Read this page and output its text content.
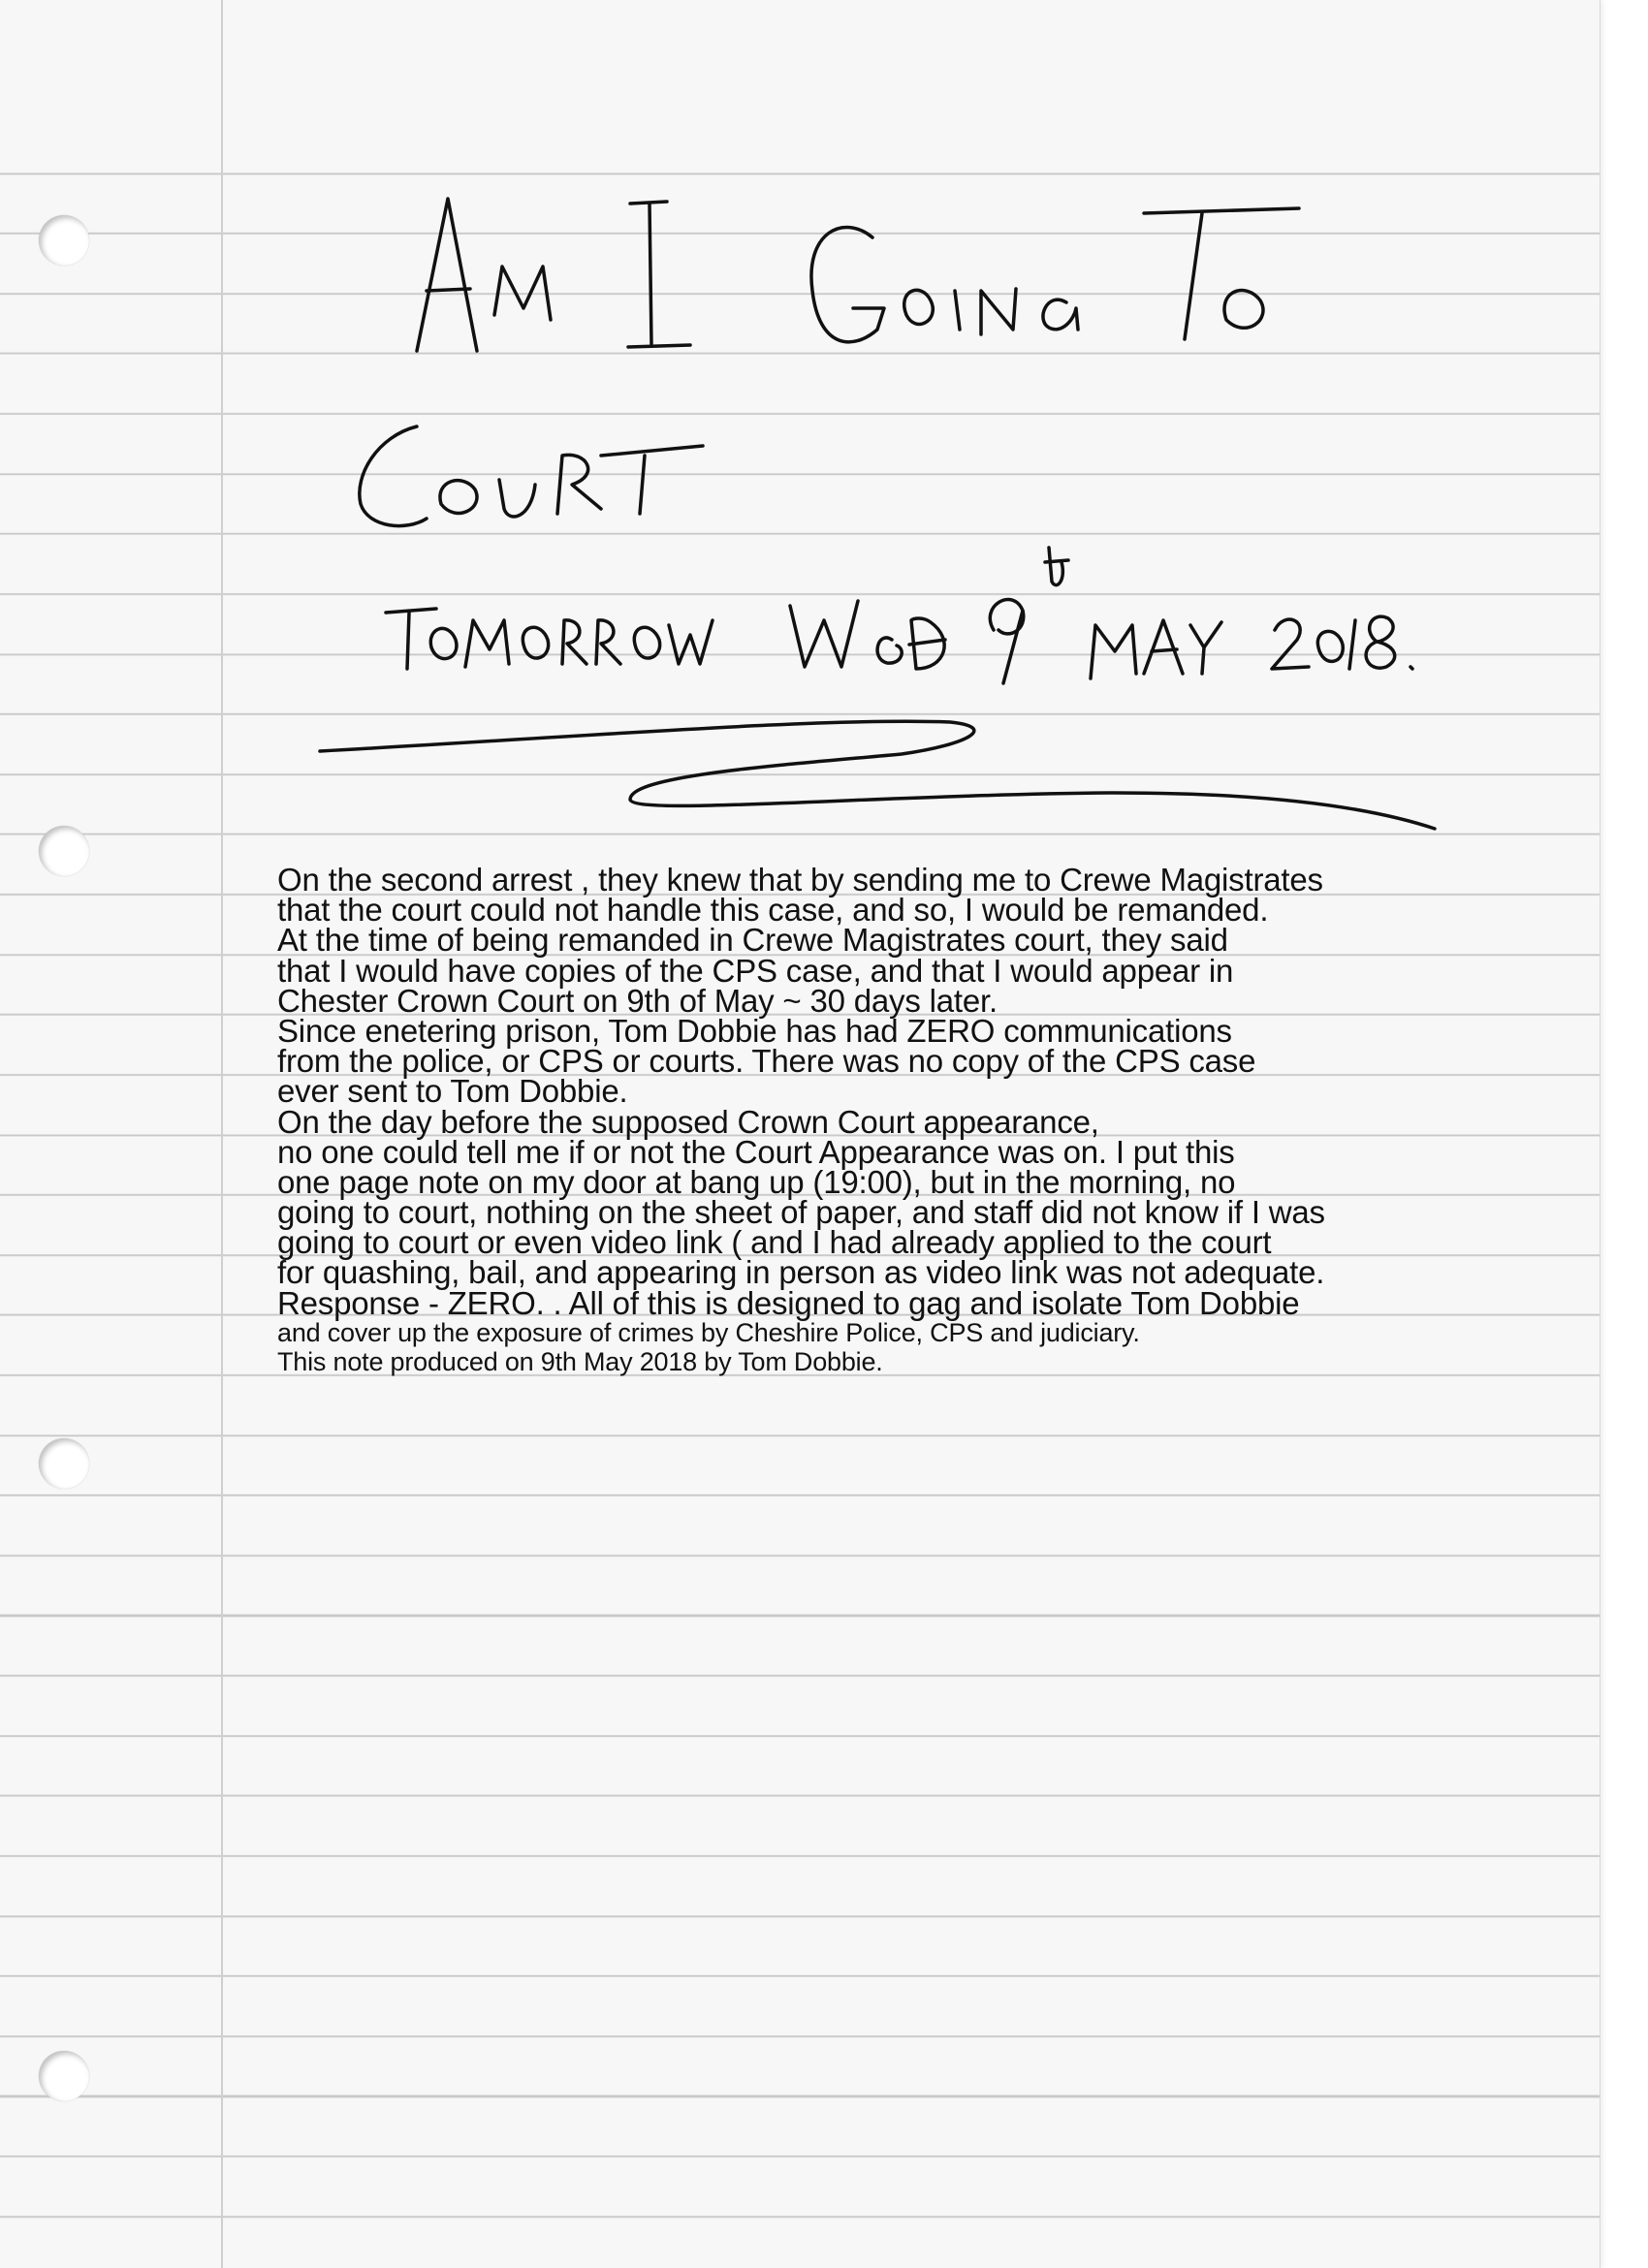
On the second arrest , they knew that by sending me to Crewe Magistrates
that the court could not handle this case, and so, I would be remanded.
At the time of being remanded in Crewe Magistrates court, they said
that I would have copies of the CPS case, and that I would appear in
Chester Crown Court on 9th of May ~ 30 days later.
Since enetering prison, Tom Dobbie has had ZERO communications
from the police, or CPS or courts. There was no copy of the CPS case
ever sent to Tom Dobbie.
On the day before the supposed Crown Court appearance,
no one could tell me if or not the Court Appearance was on. I put this
one page note on my door at bang up (19:00), but in the morning, no
going to court, nothing on the sheet of paper, and staff did not know if I was
going to court or even video link ( and I had already applied to the court
for quashing, bail, and appearing in person as video link was not adequate.
Response - ZERO. . All of this is designed to gag and isolate Tom Dobbie
and cover up the exposure of crimes by Cheshire Police, CPS and judiciary.
This note produced on 9th May 2018 by Tom Dobbie.
